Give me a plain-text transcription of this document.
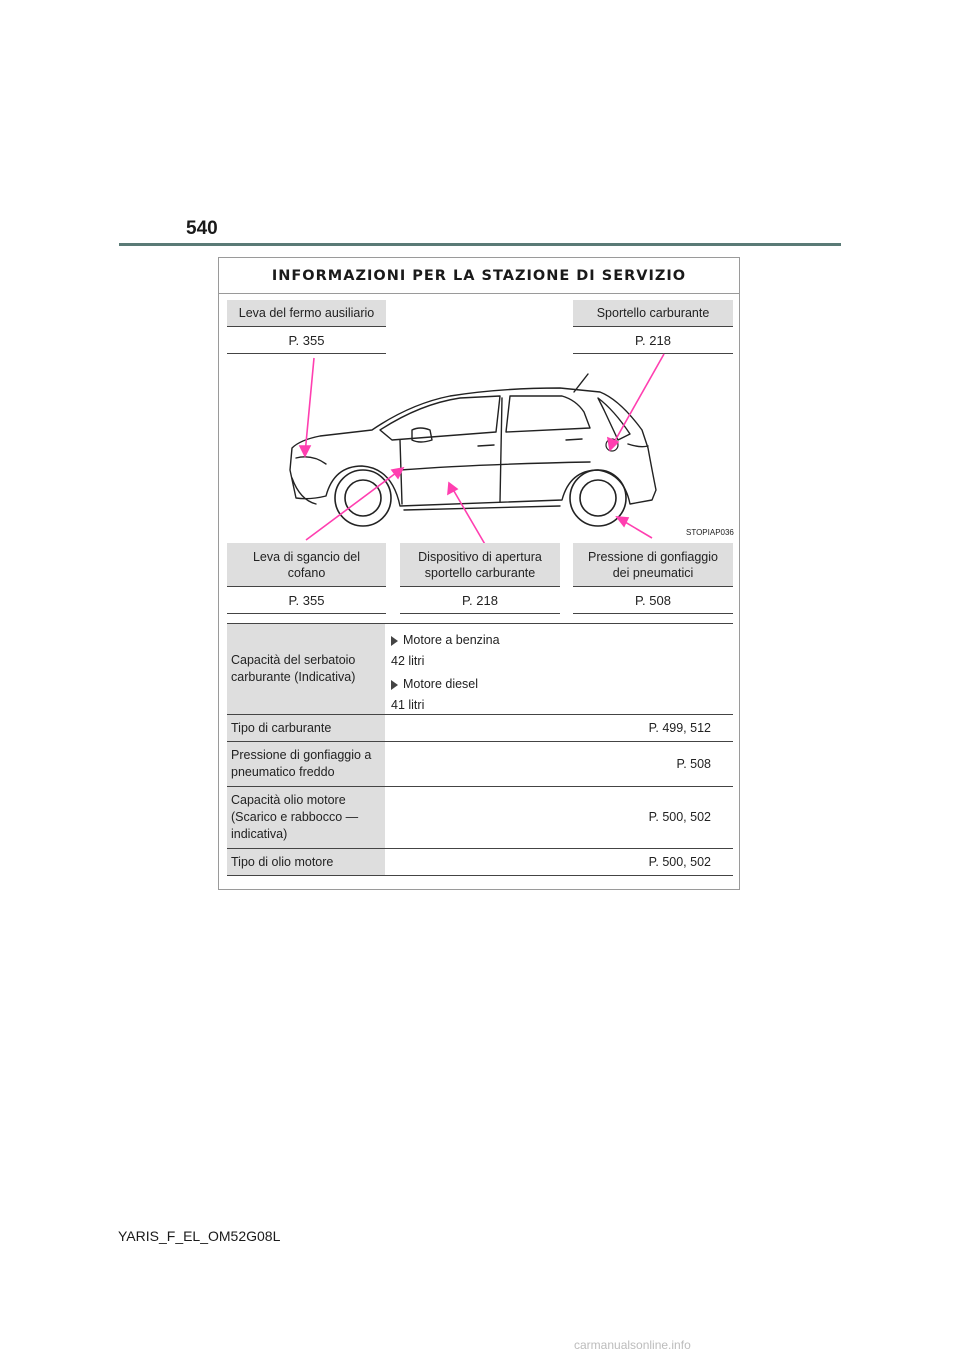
540
INFORMAZIONI PER LA STAZIONE DI SERVIZIO
Leva del fermo ausiliario
P. 355
Sportello carburante
P. 218
STOPIAP036
Leva di sgancio del cofano
P. 355
Dispositivo di apertura sportello carburante
P. 218
Pressione di gonfiaggio dei pneumatici
P. 508
Capacità del serbatoio carburante (Indicativa)
Motore a benzina
42 litri
Motore diesel
41 litri
Tipo di carburante	P. 499, 512
Pressione di gonfiaggio a pneumatico freddo
P. 508
Capacità olio motore (Scarico e rabbocco — indicativa)
P. 500, 502
Tipo di olio motore	P. 500, 502
YARIS_F_EL_OM52G08L
carmanualsonline.info
